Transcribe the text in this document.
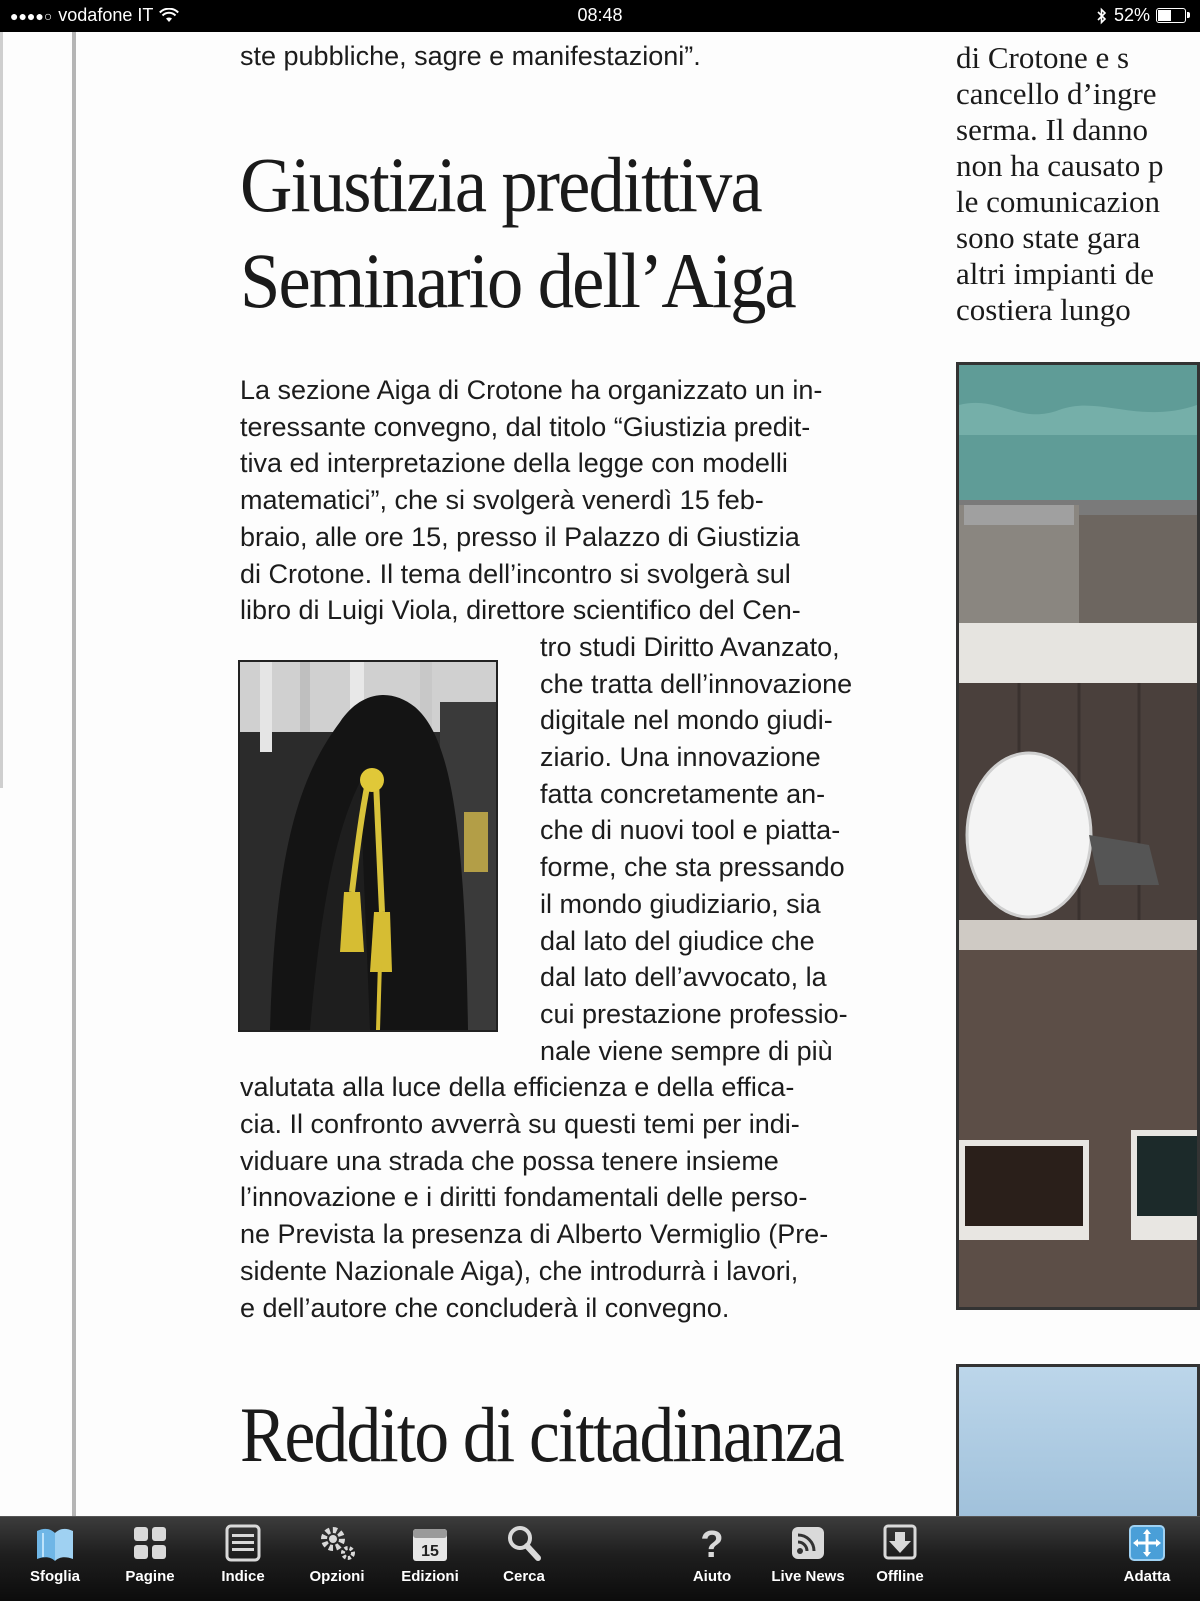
●●●●○ vodafone IT	08:48	52%

ste pubbliche, sagre e manifestazioni”.

Giustizia predittiva
Seminario dell’Aiga
La sezione Aiga di Crotone ha organizzato un in-
teressante convegno, dal titolo “Giustizia predit-
tiva ed interpretazione della legge con modelli
matematici”, che si svolgerà venerdì 15 feb-
braio, alle ore 15, presso il Palazzo di Giustizia
di Crotone. Il tema dell’incontro si svolgerà sul
libro di Luigi Viola, direttore scientifico del Cen-
tro studi Diritto Avanzato,
che tratta dell’innovazione
digitale nel mondo giudi-
ziario. Una innovazione
fatta concretamente an-
che di nuovi tool e piatta-
forme, che sta pressando
il mondo giudiziario, sia
dal lato del giudice che
dal lato dell’avvocato, la
cui prestazione professio-
nale viene sempre di più
valutata alla luce della efficienza e della effica-
cia. Il confronto avverrà su questi temi per indi-
viduare una strada che possa tenere insieme
l’innovazione e i diritti fondamentali delle perso-
ne Prevista la presenza di Alberto Vermiglio (Pre-
sidente Nazionale Aiga), che introdurrà i lavori,
e dell’autore che concluderà il convegno.
Reddito di cittadinanza
di Crotone e s
cancello d’ingre
serma. Il danno
non ha causato p
le comunicazion
sono state gara
altri impianti de
costiera lungo
Sfoglia	Pagine	Indice	Opzioni
15
Edizioni	Cerca
?
Aiuto	Live News	Offline	Adatta
